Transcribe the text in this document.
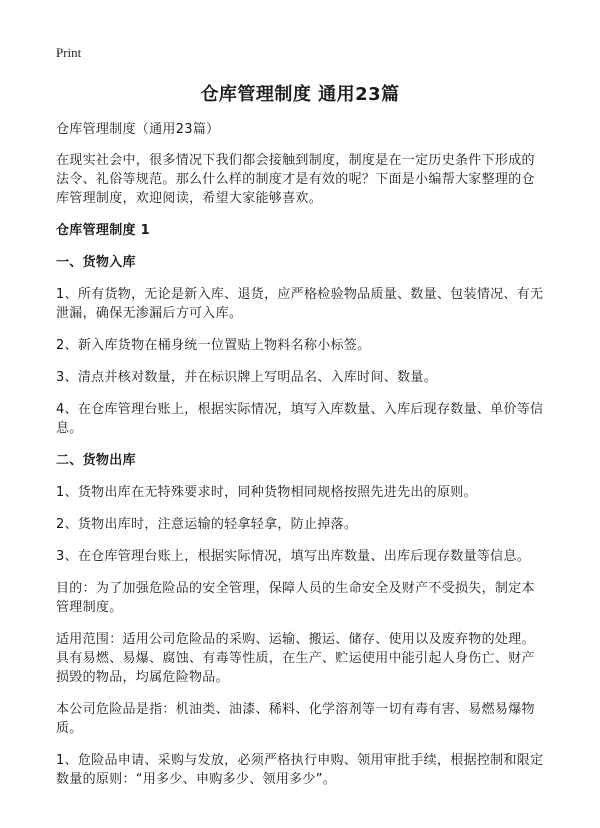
Print
仓库管理制度 通用23篇

仓库管理制度（通用23篇）

在现实社会中，很多情况下我们都会接触到制度，制度是在一定历史条件下形成的法令、礼俗等规范。那么什么样的制度才是有效的呢？下面是小编帮大家整理的仓库管理制度，欢迎阅读，希望大家能够喜欢。

仓库管理制度 1

一、货物入库

1、所有货物，无论是新入库、退货，应严格检验物品质量、数量、包装情况、有无泄漏，确保无渗漏后方可入库。

2、新入库货物在桶身统一位置贴上物料名称小标签。

3、清点并核对数量，并在标识牌上写明品名、入库时间、数量。

4、在仓库管理台账上，根据实际情况，填写入库数量、入库后现存数量、单价等信息。

二、货物出库

1、货物出库在无特殊要求时，同种货物相同规格按照先进先出的原则。

2、货物出库时，注意运输的轻拿轻拿，防止掉落。

3、在仓库管理台账上，根据实际情况，填写出库数量、出库后现存数量等信息。

目的：为了加强危险品的安全管理，保障人员的生命安全及财产不受损失，制定本管理制度。

适用范围：适用公司危险品的采购、运输、搬运、储存、使用以及废弃物的处理。具有易燃、易爆、腐蚀、有毒等性质，在生产、贮运使用中能引起人身伤亡、财产损毁的物品，均属危险物品。

本公司危险品是指：机油类、油漆、稀料、化学溶剂等一切有毒有害、易燃易爆物质。

1、危险品申请、采购与发放，必须严格执行申购、领用审批手续，根据控制和限定数量的原则：“用多少、申购多少、领用多少”。
